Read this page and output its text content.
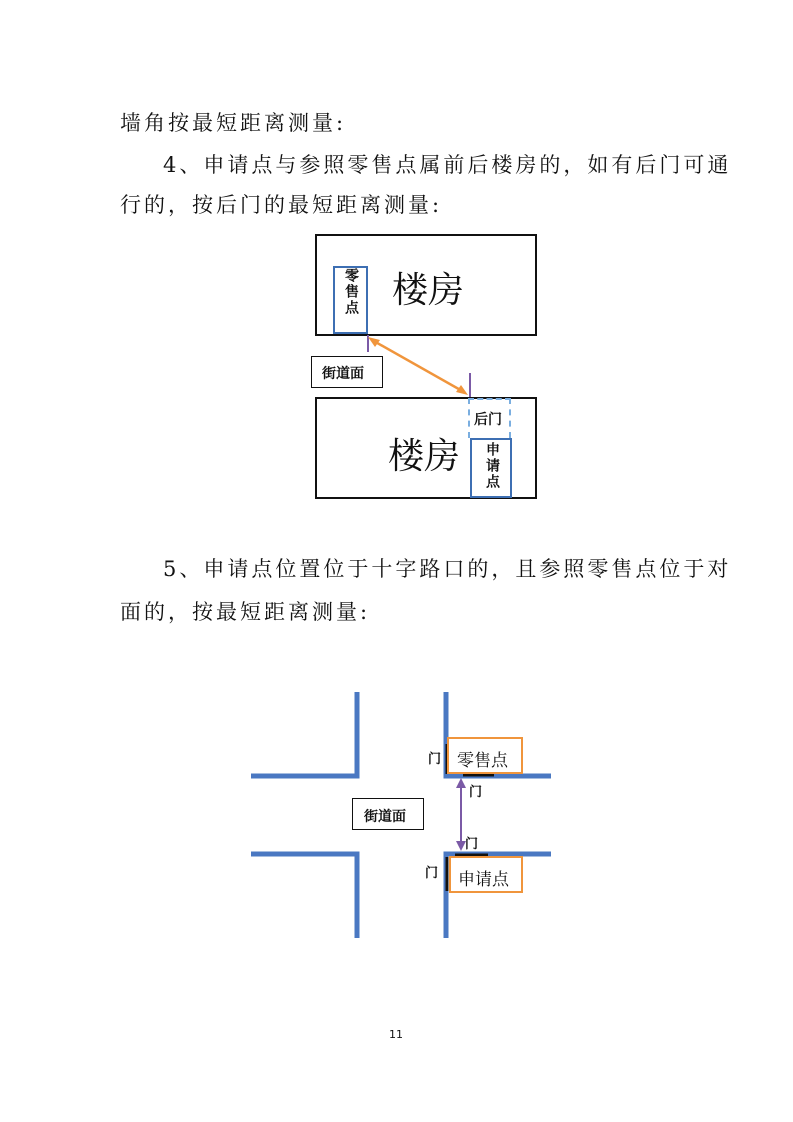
墙角按最短距离测量:
4、申请点与参照零售点属前后楼房的，如有后门可通
行的，按后门的最短距离测量:
楼房
零售点
街道面
楼房
后门
申请点
5、申请点位置位于十字路口的，且参照零售点位于对
面的，按最短距离测量:
零售点
申请点
街道面
门
门
门
门
11
